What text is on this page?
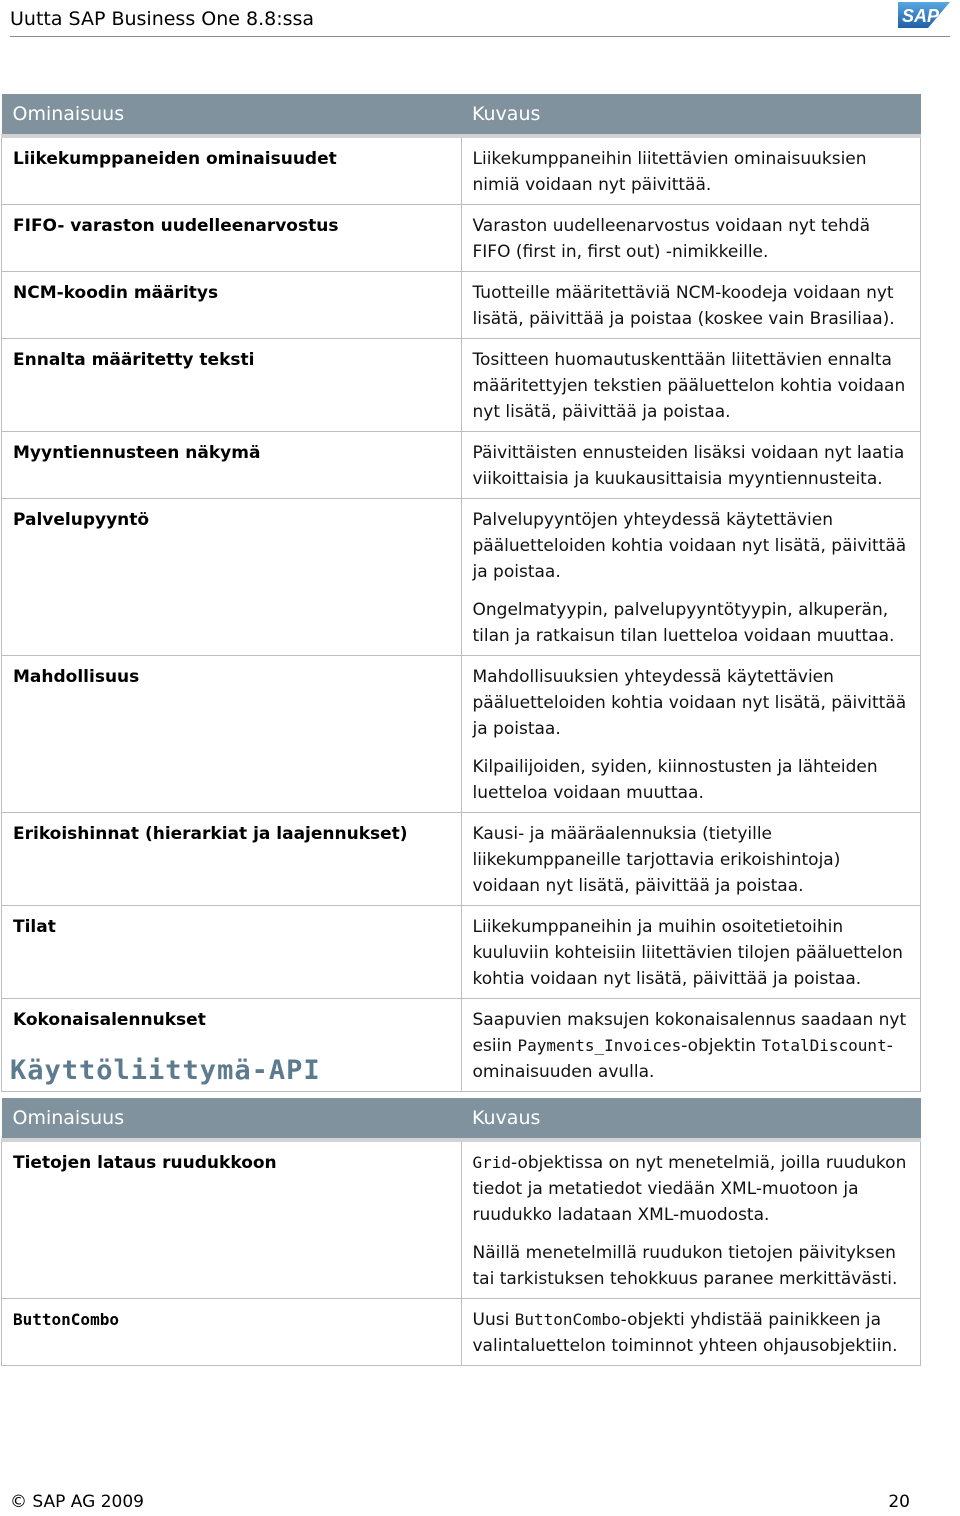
Uutta SAP Business One 8.8:ssa	SAP
Ominaisuus	Kuvaus
Liikekumppaneiden ominaisuudet	Liikekumppaneihin liitettävien ominaisuuksien nimiä voidaan nyt päivittää.

FIFO- varaston uudelleenarvostus	Varaston uudelleenarvostus voidaan nyt tehdä FIFO (first in, first out) -nimikkeille.

NCM-koodin määritys	Tuotteille määritettäviä NCM-koodeja voidaan nyt lisätä, päivittää ja poistaa (koskee vain Brasiliaa).

Ennalta määritetty teksti	Tositteen huomautuskenttään liitettävien ennalta määritettyjen tekstien pääluettelon kohtia voidaan nyt lisätä, päivittää ja poistaa.

Myyntiennusteen näkymä	Päivittäisten ennusteiden lisäksi voidaan nyt laatia viikoittaisia ja kuukausittaisia myyntiennusteita.

Palvelupyyntö	Palvelupyyntöjen yhteydessä käytettävien pääluetteloiden kohtia voidaan nyt lisätä, päivittää ja poistaa.

Ongelmatyypin, palvelupyyntötyypin, alkuperän, tilan ja ratkaisun tilan luetteloa voidaan muuttaa.

Mahdollisuus	Mahdollisuuksien yhteydessä käytettävien pääluetteloiden kohtia voidaan nyt lisätä, päivittää ja poistaa.

Kilpailijoiden, syiden, kiinnostusten ja lähteiden luetteloa voidaan muuttaa.

Erikoishinnat (hierarkiat ja laajennukset)	Kausi- ja määräalennuksia (tietyille liikekumppaneille tarjottavia erikoishintoja) voidaan nyt lisätä, päivittää ja poistaa.

Tilat	Liikekumppaneihin ja muihin osoitetietoihin kuuluviin kohteisiin liitettävien tilojen pääluettelon kohtia voidaan nyt lisätä, päivittää ja poistaa.

Kokonaisalennukset	Saapuvien maksujen kokonaisalennus saadaan nyt esiin Payments_Invoices-objektin TotalDiscount-ominaisuuden avulla.

Käyttöliittymä-API
Ominaisuus	Kuvaus
Tietojen lataus ruudukkoon	Grid-objektissa on nyt menetelmiä, joilla ruudukon tiedot ja metatiedot viedään XML-muotoon ja ruudukko ladataan XML-muodosta.

Näillä menetelmillä ruudukon tietojen päivityksen tai tarkistuksen tehokkuus paranee merkittävästi.

ButtonCombo	Uusi ButtonCombo-objekti yhdistää painikkeen ja valintaluettelon toiminnot yhteen ohjausobjektiin.

© SAP AG 2009	20
